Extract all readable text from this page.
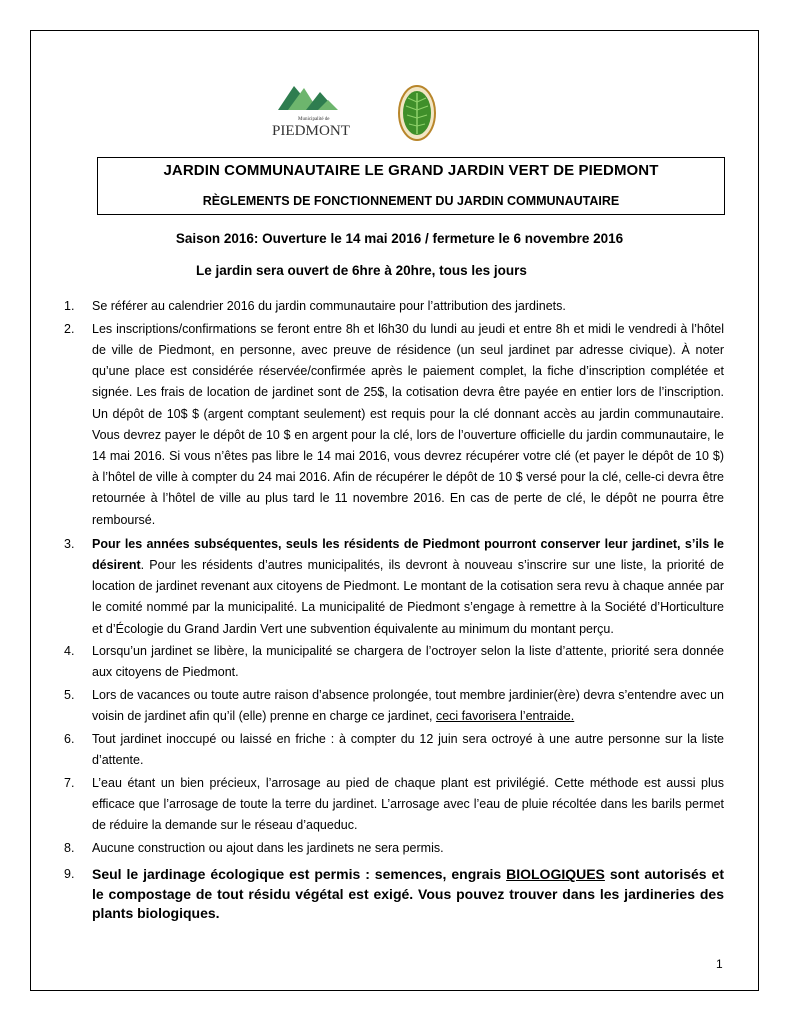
Municipalité de
PIEDMONT
JARDIN COMMUNAUTAIRE LE GRAND JARDIN VERT DE PIEDMONT
RÈGLEMENTS DE FONCTIONNEMENT DU JARDIN COMMUNAUTAIRE
Saison 2016: Ouverture le 14 mai 2016 / fermeture le 6 novembre 2016
Le jardin sera ouvert de 6hre à 20hre, tous les jours
1. Se référer au calendrier 2016 du jardin communautaire pour l’attribution des jardinets.
2. Les inscriptions/confirmations se feront entre 8h et l6h30 du lundi au jeudi et entre 8h et midi le vendredi à l’hôtel de ville de Piedmont, en personne, avec preuve de résidence (un seul jardinet par adresse civique). À noter qu’une place est considérée réservée/confirmée après le paiement complet, la fiche d’inscription complétée et signée. Les frais de location de jardinet sont de 25$, la cotisation devra être payée en entier lors de l’inscription. Un dépôt de 10$ $ (argent comptant seulement) est requis pour la clé donnant accès au jardin communautaire. Vous devrez payer le dépôt de 10 $ en argent pour la clé, lors de l’ouverture officielle du jardin communautaire, le 14 mai 2016. Si vous n’êtes pas libre le 14 mai 2016, vous devrez récupérer votre clé (et payer le dépôt de 10 $) à l’hôtel de ville à compter du 24 mai 2016. Afin de récupérer le dépôt de 10 $ versé pour la clé, celle-ci devra être retournée à l’hôtel de ville au plus tard le 11 novembre 2016. En cas de perte de clé, le dépôt ne pourra être remboursé.
3. Pour les années subséquentes, seuls les résidents de Piedmont pourront conserver leur jardinet, s’ils le désirent. Pour les résidents d’autres municipalités, ils devront à nouveau s’inscrire sur une liste, la priorité de location de jardinet revenant aux citoyens de Piedmont. Le montant de la cotisation sera revu à chaque année par le comité nommé par la municipalité. La municipalité de Piedmont s’engage à remettre à la Société d’Horticulture et d’Écologie du Grand Jardin Vert une subvention équivalente au minimum du montant perçu.
4. Lorsqu’un jardinet se libère, la municipalité se chargera de l’octroyer selon la liste d’attente, priorité sera donnée aux citoyens de Piedmont.
5. Lors de vacances ou toute autre raison d’absence prolongée, tout membre jardinier(ère) devra s’entendre avec un voisin de jardinet afin qu’il (elle) prenne en charge ce jardinet, ceci favorisera l’entraide.
6. Tout jardinet inoccupé ou laissé en friche : à compter du 12 juin sera octroyé à une autre personne sur la liste d’attente.
7. L’eau étant un bien précieux, l’arrosage au pied de chaque plant est privilégié. Cette méthode est aussi plus efficace que l’arrosage de toute la terre du jardinet. L’arrosage avec l’eau de pluie récoltée dans les barils permet de réduire la demande sur le réseau d’aqueduc.
8. Aucune construction ou ajout dans les jardinets ne sera permis.
9. Seul le jardinage écologique est permis : semences, engrais BIOLOGIQUES sont autorisés et le compostage de tout résidu végétal est exigé. Vous pouvez trouver dans les jardineries des plants biologiques.
1
